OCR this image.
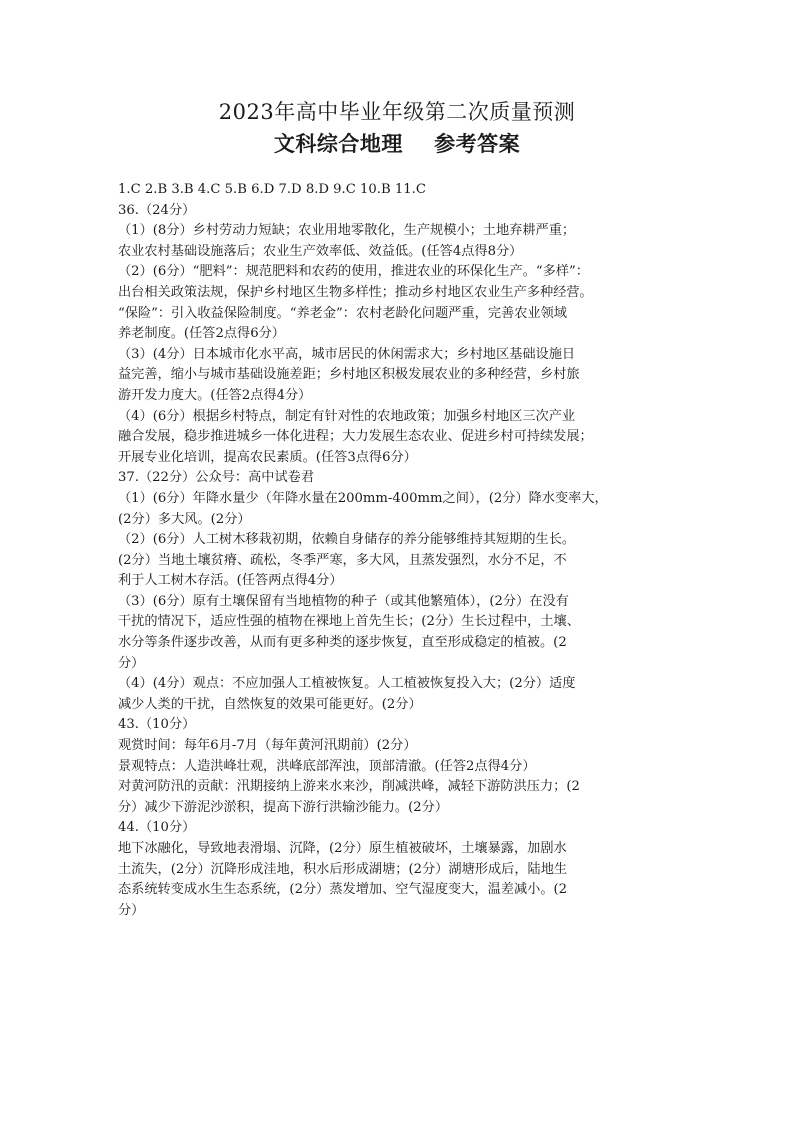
2023年高中毕业年级第二次质量预测
文科综合地理    参考答案
1.C 2.B 3.B 4.C 5.B 6.D 7.D 8.D 9.C 10.B 11.C
36.（24分）
（1）(8分）乡村劳动力短缺；农业用地零散化，生产规模小；土地弃耕严重；
农业农村基础设施落后；农业生产效率低、效益低。(任答4点得8分）
（2）(6分）“肥料”：规范肥料和农药的使用，推进农业的环保化生产。“多样”：
出台相关政策法规，保护乡村地区生物多样性；推动乡村地区农业生产多种经营。
“保险”：引入收益保险制度。“养老金”：农村老龄化问题严重，完善农业领域
养老制度。(任答2点得6分）
（3）(4分）日本城市化水平高，城市居民的休闲需求大；乡村地区基础设施日
益完善，缩小与城市基础设施差距；乡村地区积极发展农业的多种经营，乡村旅
游开发力度大。(任答2点得4分）
（4）(6分）根据乡村特点，制定有针对性的农地政策；加强乡村地区三次产业
融合发展，稳步推进城乡一体化进程；大力发展生态农业、促进乡村可持续发展；
开展专业化培训，提高农民素质。(任答3点得6分）
37.（22分）公众号：高中试卷君
（1）(6分）年降水量少（年降水量在200mm-400mm之间），(2分）降水变率大，
(2分）多大风。(2分）
（2）(6分）人工树木移栽初期，依赖自身储存的养分能够维持其短期的生长。
(2分）当地土壤贫瘠、疏松，冬季严寒，多大风，且蒸发强烈，水分不足，不
利于人工树木存活。(任答两点得4分）
（3）(6分）原有土壤保留有当地植物的种子（或其他繁殖体），(2分）在没有
干扰的情况下，适应性强的植物在裸地上首先生长；(2分）生长过程中，土壤、
水分等条件逐步改善，从而有更多种类的逐步恢复，直至形成稳定的植被。(2
分）
（4）(4分）观点：不应加强人工植被恢复。人工植被恢复投入大；(2分）适度
减少人类的干扰，自然恢复的效果可能更好。(2分）
43.（10分）
观赏时间：每年6月-7月（每年黄河汛期前）(2分）
景观特点：人造洪峰壮观，洪峰底部浑浊，顶部清澈。(任答2点得4分）
对黄河防汛的贡献：汛期接纳上游来水来沙，削减洪峰，减轻下游防洪压力；(2
分）减少下游泥沙淤积，提高下游行洪输沙能力。(2分）
44.（10分）
地下冰融化，导致地表滑塌、沉降，(2分）原生植被破坏，土壤暴露，加剧水
土流失，(2分）沉降形成洼地，积水后形成湖塘；(2分）湖塘形成后，陆地生
态系统转变成水生生态系统，(2分）蒸发增加、空气湿度变大，温差减小。(2
分）
